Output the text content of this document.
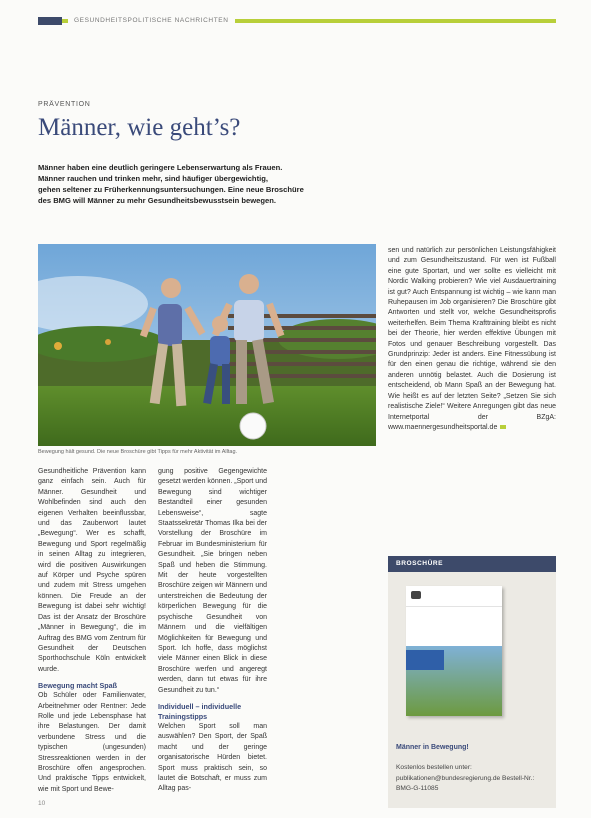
GESUNDHEITSPOLITISCHE NACHRICHTEN
PRÄVENTION
Männer, wie geht’s?
Männer haben eine deutlich geringere Lebenserwartung als Frauen.
Männer rauchen und trinken mehr, sind häufiger übergewichtig,
gehen seltener zu Früherkennungsuntersuchungen. Eine neue Broschüre
des BMG will Männer zu mehr Gesundheitsbewusstsein bewegen.
Bewegung hält gesund. Die neue Broschüre gibt Tipps für mehr Aktivität im Alltag.

Gesundheitliche Prävention kann ganz einfach sein. Auch für Männer. Gesundheit und Wohlbefinden sind auch den eigenen Verhalten beeinflussbar, und das Zauberwort lautet „Bewegung“. Wer es schafft, Bewegung und Sport regelmäßig in seinen Alltag zu integrieren, wird die positiven Auswirkungen auf Körper und Psyche spüren und zudem mit Stress umgehen können. Die Freude an der Bewegung ist dabei sehr wichtig! Das ist der Ansatz der Broschüre „Männer in Bewegung“, die im Auftrag des BMG vom Zentrum für Gesundheit der Deutschen Sporthochschule Köln entwickelt wurde.

Bewegung macht Spaß

Ob Schüler oder Familienvater, Arbeitnehmer oder Rentner: Jede Rolle und jede Lebensphase hat ihre Belastungen. Der damit verbundene Stress und die typischen (ungesunden) Stressreaktionen werden in der Broschüre offen angesprochen. Und praktische Tipps entwickelt, wie mit Sport und Bewe-

gung positive Gegengewichte gesetzt werden können. „Sport und Bewegung sind wichtiger Bestandteil einer gesunden Lebensweise“, sagte Staatssekretär Thomas Ilka bei der Vorstellung der Broschüre im Februar im Bundesministerium für Gesundheit. „Sie bringen neben Spaß und heben die Stimmung. Mit der heute vorgestellten Broschüre zeigen wir Männern und unterstreichen die Bedeutung der körperlichen Bewegung für die psychische Gesundheit von Männern und die vielfältigen Möglichkeiten für Bewegung und Sport. Ich hoffe, dass möglichst viele Männer einen Blick in diese Broschüre werfen und angeregt werden, dann tut etwas für ihre Gesundheit zu tun.“

Individuell – individuelle Trainingstipps

Welchen Sport soll man auswählen? Den Sport, der Spaß macht und der geringe organisatorische Hürden bietet. Sport muss praktisch sein, so lautet die Botschaft, er muss zum Alltag pas-

sen und natürlich zur persönlichen Leistungsfähigkeit und zum Gesundheitszustand. Für wen ist Fußball eine gute Sportart, und wer sollte es vielleicht mit Nordic Walking probieren? Wie viel Ausdauertraining ist gut? Auch Entspannung ist wichtig – wie kann man Ruhepausen im Job organisieren? Die Broschüre gibt Antworten und stellt vor, welche Gesundheitsprofis weiterhelfen. Beim Thema Krafttraining bleibt es nicht bei der Theorie, hier werden effektive Übungen mit Fotos und genauer Beschreibung vorgestellt. Das Grundprinzip: Jeder ist anders. Eine Fitnessübung ist für den einen genau die richtige, während sie den anderen unnötig belastet. Auch die Dosierung ist entscheidend, ob Mann Spaß an der Bewegung hat. Wie heißt es auf der letzten Seite? „Setzen Sie sich realistische Ziele!“ Weitere Anregungen gibt das neue Internetportal der BZgA: www.maennergesundheitsportal.de

BROSCHÜRE
Männer in Bewegung!
Kostenlos bestellen unter: publikationen@bundesregierung.de Bestell-Nr.: BMG-G-11085
10
